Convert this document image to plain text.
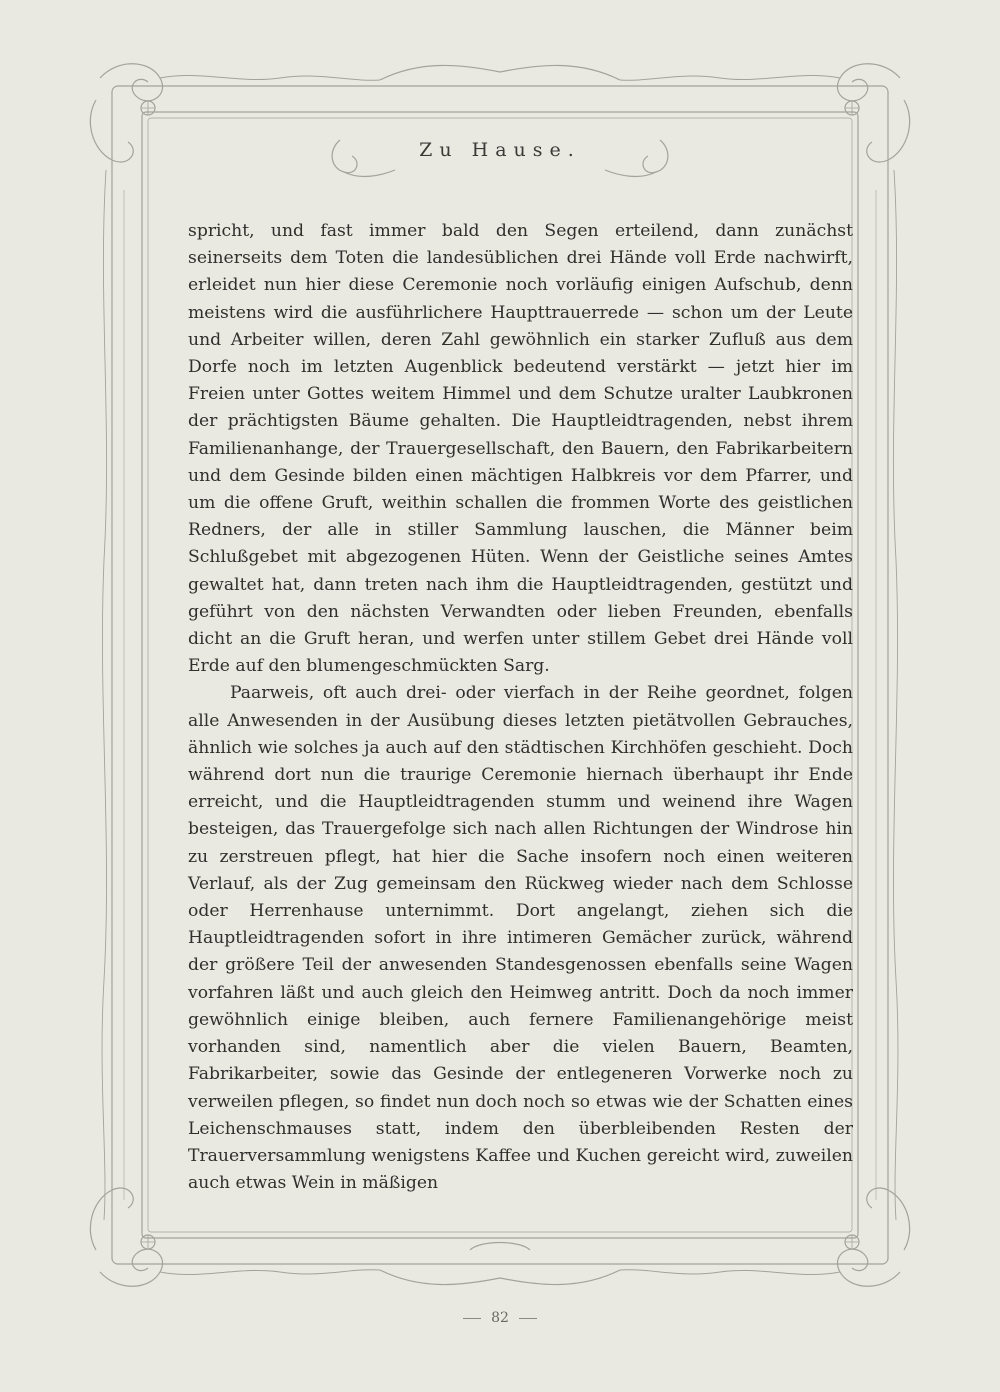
Zu Hause.

spricht, und fast immer bald den Segen erteilend, dann zunächst seinerseits dem Toten die landesüblichen drei Hände voll Erde nachwirft, erleidet nun hier diese Ceremonie noch vorläufig einigen Aufschub, denn meistens wird die ausführlichere Haupttrauerrede — schon um der Leute und Arbeiter willen, deren Zahl gewöhnlich ein starker Zufluß aus dem Dorfe noch im letzten Augenblick bedeutend verstärkt — jetzt hier im Freien unter Gottes weitem Himmel und dem Schutze uralter Laubkronen der prächtigsten Bäume gehalten. Die Hauptleidtragenden, nebst ihrem Familienanhange, der Trauergesellschaft, den Bauern, den Fabrikarbeitern und dem Gesinde bilden einen mächtigen Halbkreis vor dem Pfarrer, und um die offene Gruft, weithin schallen die frommen Worte des geistlichen Redners, der alle in stiller Sammlung lauschen, die Männer beim Schlußgebet mit abgezogenen Hüten. Wenn der Geistliche seines Amtes gewaltet hat, dann treten nach ihm die Hauptleidtragenden, gestützt und geführt von den nächsten Verwandten oder lieben Freunden, ebenfalls dicht an die Gruft heran, und werfen unter stillem Gebet drei Hände voll Erde auf den blumengeschmückten Sarg.

Paarweis, oft auch drei- oder vierfach in der Reihe geordnet, folgen alle Anwesenden in der Ausübung dieses letzten pietätvollen Gebrauches, ähnlich wie solches ja auch auf den städtischen Kirchhöfen geschieht. Doch während dort nun die traurige Ceremonie hiernach überhaupt ihr Ende erreicht, und die Hauptleidtragenden stumm und weinend ihre Wagen besteigen, das Trauergefolge sich nach allen Richtungen der Windrose hin zu zerstreuen pflegt, hat hier die Sache insofern noch einen weiteren Verlauf, als der Zug gemeinsam den Rückweg wieder nach dem Schlosse oder Herrenhause unternimmt. Dort angelangt, ziehen sich die Hauptleidtragenden sofort in ihre intimeren Gemächer zurück, während der größere Teil der anwesenden Standesgenossen ebenfalls seine Wagen vorfahren läßt und auch gleich den Heimweg antritt. Doch da noch immer gewöhnlich einige bleiben, auch fernere Familienangehörige meist vorhanden sind, namentlich aber die vielen Bauern, Beamten, Fabrikarbeiter, sowie das Gesinde der entlegeneren Vorwerke noch zu verweilen pflegen, so findet nun doch noch so etwas wie der Schatten eines Leichenschmauses statt, indem den überbleibenden Resten der Trauerversammlung wenigstens Kaffee und Kuchen gereicht wird, zuweilen auch etwas Wein in mäßigen

82
